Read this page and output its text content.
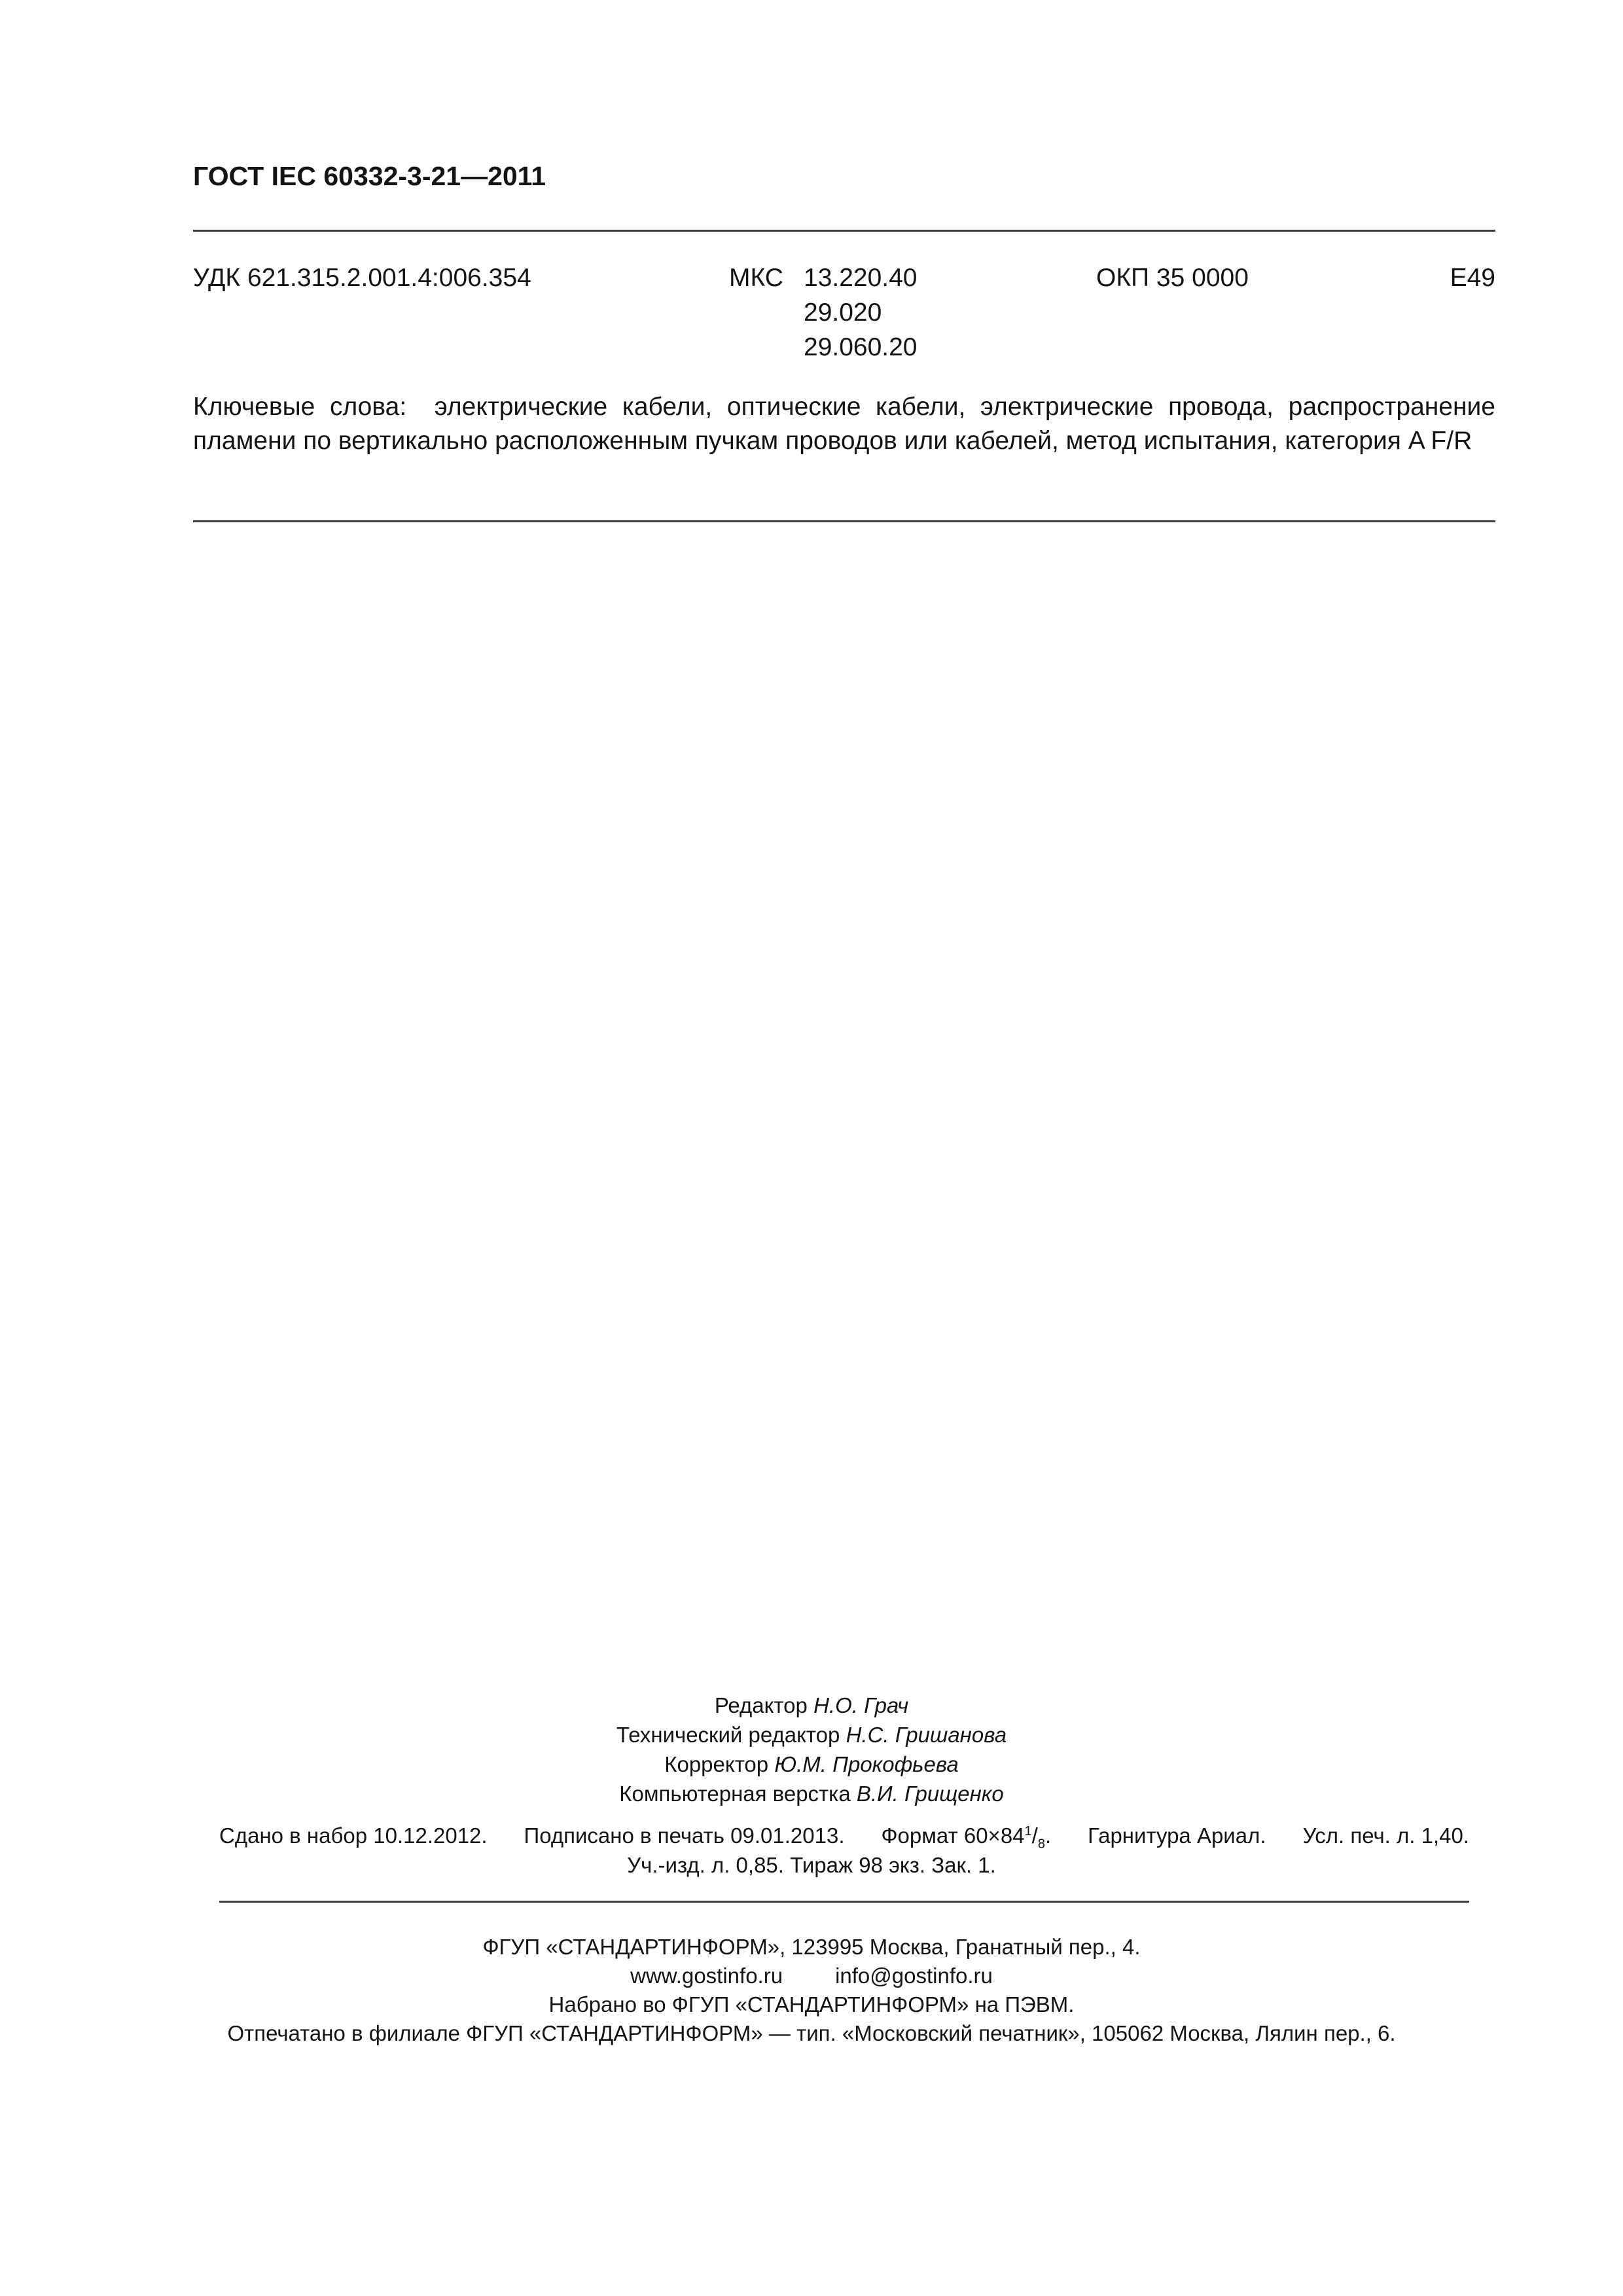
ГОСТ IEC 60332-3-21—2011
УДК 621.315.2.001.4:006.354	МКС 13.220.40
29.020
29.060.20
ОКП 35 0000	Е49
Ключевые слова: электрические кабели, оптические кабели, электрические провода, распространение пламени по вертикально расположенным пучкам проводов или кабелей, метод испытания, категория A F/R
Редактор Н.О. Грач
Технический редактор Н.С. Гришанова
Корректор Ю.М. Прокофьева
Компьютерная верстка В.И. Грищенко
Сдано в набор 10.12.2012. Подписано в печать 09.01.2013. Формат $60\times 84^1/_8$. Гарнитура Ариал. Усл. печ. л. 1,40.
Уч.-изд. л. 0,85. Тираж 98 экз. Зак. 1.
ФГУП «СТАНДАРТИНФОРМ», 123995 Москва, Гранатный пер., 4.
www.gostinfo.ru info@gostinfo.ru
Набрано во ФГУП «СТАНДАРТИНФОРМ» на ПЭВМ.
Отпечатано в филиале ФГУП «СТАНДАРТИНФОРМ» — тип. «Московский печатник», 105062 Москва, Лялин пер., 6.
